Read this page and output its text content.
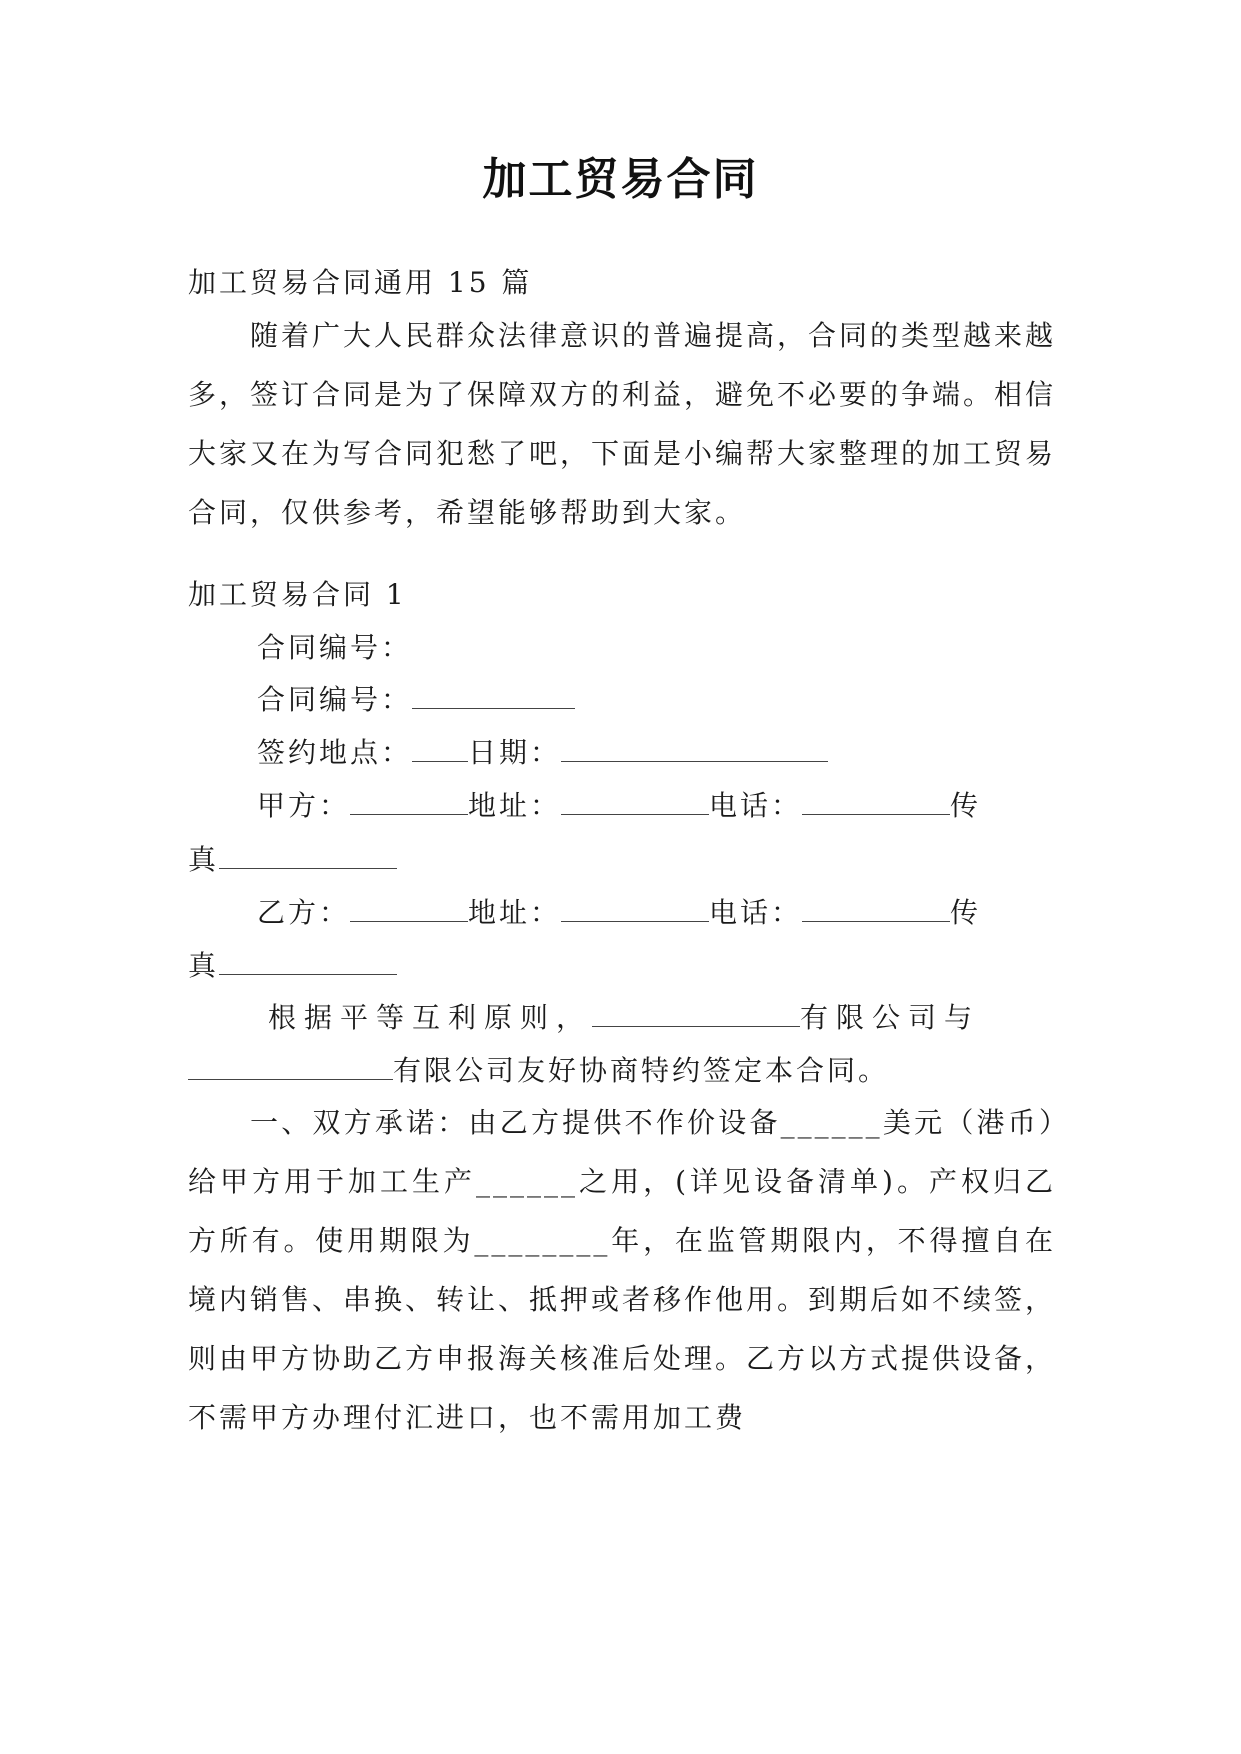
加工贸易合同
加工贸易合同通用 15 篇
随着广大人民群众法律意识的普遍提高，合同的类型越来越多，签订合同是为了保障双方的利益，避免不必要的争端。相信大家又在为写合同犯愁了吧，下面是小编帮大家整理的加工贸易合同，仅供参考，希望能够帮助到大家。
加工贸易合同 1
合同编号：
合同编号：
签约地点： 日期：
甲方：	地址：	电话：	传
真
乙方：	地址：	电话：	传
真
根据平等互利原则，	有限公司与
有限公司友好协商特约签定本合同。
一、双方承诺：由乙方提供不作价设备______美元（港币）给甲方用于加工生产______之用，(详见设备清单)。产权归乙方所有。使用期限为________年，在监管期限内，不得擅自在境内销售、串换、转让、抵押或者移作他用。到期后如不续签，则由甲方协助乙方申报海关核准后处理。乙方以方式提供设备，不需甲方办理付汇进口，也不需用加工费
